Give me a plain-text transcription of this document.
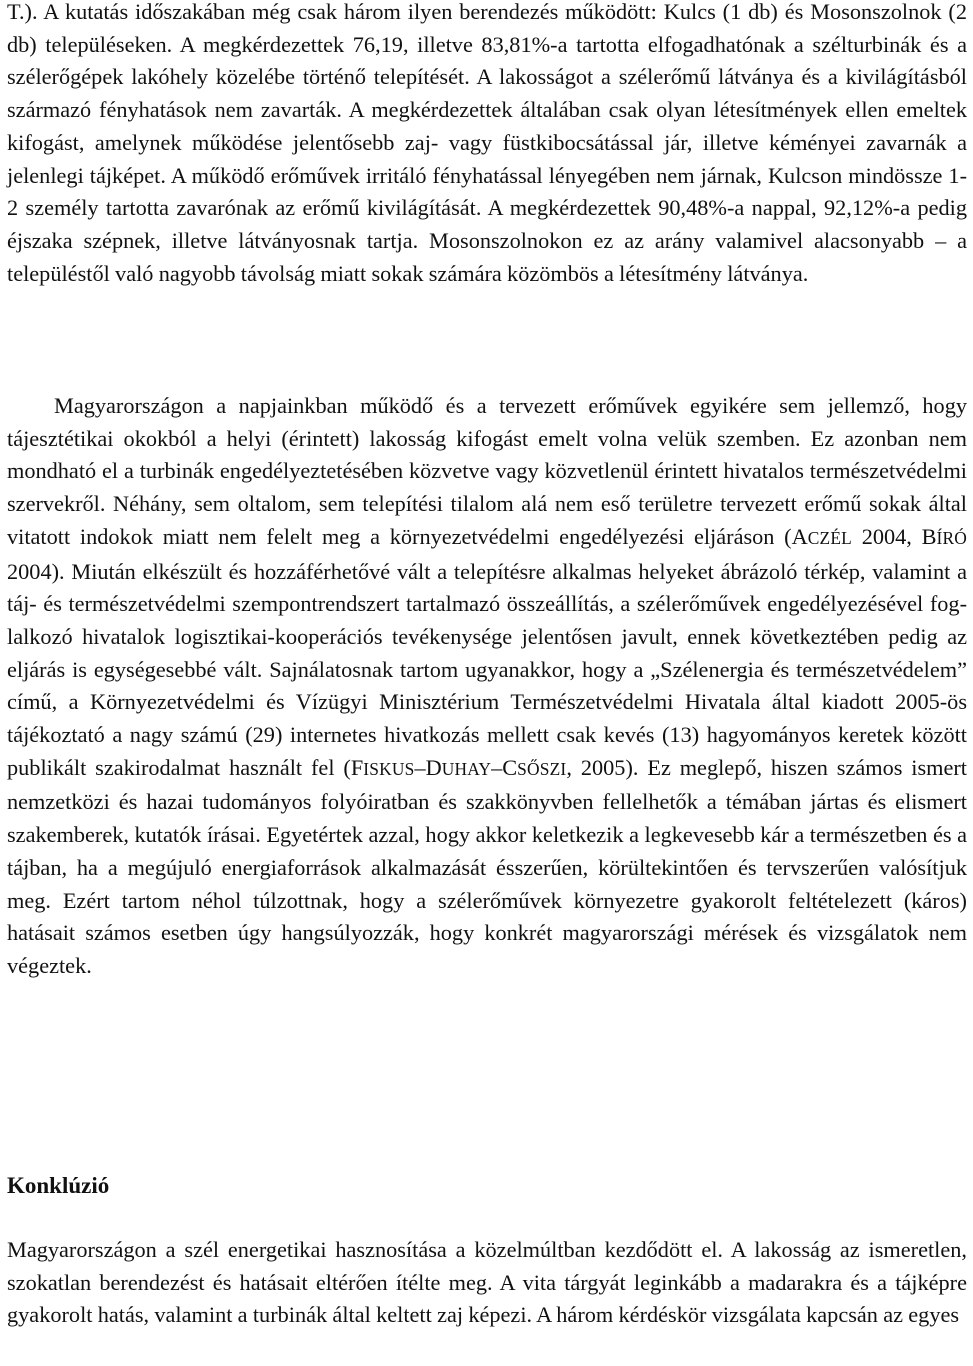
T.). A kutatás időszakában még csak három ilyen berendezés működött: Kulcs (1 db) és Mosonszolnok (2 db) településeken. A megkérdezettek 76,19, illetve 83,81%-a tartotta elfogadhatónak a szélturbinák és a szélerőgépek lakóhely közelébe történő telepítését. A lakosságot a szélerőmű látványa és a kivilágításból származó fényhatások nem zavarták. A megkérdezettek általában csak olyan létesítmények ellen emeltek kifogást, amelynek működése jelentősebb zaj- vagy füstkibocsátással jár, illetve kéményei zavarnák a jelenlegi tájképet. A működő erőművek irritáló fényhatással lényegében nem járnak, Kulcson mindössze 1-2 személy tartotta zavarónak az erőmű kivilágítását. A megkérdezettek 90,48%-a nappal, 92,12%-a pedig éjszaka szépnek, illetve látványosnak tartja. Mosonszolnokon ez az arány valamivel alacsonyabb – a településtől való nagyobb távolság miatt sokak számára közömbös a létesítmény látványa.

Magyarországon a napjainkban működő és a tervezett erőművek egyikére sem jellemző, hogy tájesztétikai okokból a helyi (érintett) lakosság kifogást emelt volna velük szemben. Ez azonban nem mondható el a turbinák engedélyeztetésében közvetve vagy közvetlenül érintett hivatalos természetvédelmi szervekről. Néhány, sem oltalom, sem telepítési tilalom alá nem eső területre tervezett erőmű sokak által vitatott indokok miatt nem felelt meg a környezetvédelmi engedélyezési eljáráson (ACZÉL 2004, BÍRÓ 2004). Miután elkészült és hozzáférhetővé vált a telepítésre alkalmas helyeket ábrázoló térkép, valamint a táj- és természetvédelmi szempontrendszert tartalmazó összeállítás, a szélerőművek engedélyezésével foglalkozó hivatalok logisztikai-kooperációs tevékenysége jelentősen javult, ennek következtében pedig az eljárás is egységesebbé vált. Sajnálatosnak tartom ugyanakkor, hogy a „Szélenergia és természetvédelem” című, a Környezetvédelmi és Vízügyi Minisztérium Természetvédelmi Hivatala által kiadott 2005-ös tájékoztató a nagy számú (29) internetes hivatkozás mellett csak kevés (13) hagyományos keretek között publikált szakirodalmat használt fel (FISKUS–DUHAY–CSŐSZI, 2005). Ez meglepő, hiszen számos ismert nemzetközi és hazai tudományos folyóiratban és szakkönyvben fellelhetők a témában jártas és elismert szakemberek, kutatók írásai. Egyetértek azzal, hogy akkor keletkezik a legkevesebb kár a természetben és a tájban, ha a megújuló energiaforrások alkalmazását ésszerűen, körültekintően és tervszerűen valósítjuk meg. Ezért tartom néhol túlzottnak, hogy a szélerőművek környezetre gyakorolt feltételezett (káros) hatásait számos esetben úgy hangsúlyozzák, hogy konkrét magyarországi mérések és vizsgálatok nem végeztek.

Konklúzió

Magyarországon a szél energetikai hasznosítása a közelmúltban kezdődött el. A lakosság az ismeretlen, szokatlan berendezést és hatásait eltérően ítélte meg. A vita tárgyát leginkább a madarakra és a tájképre gyakorolt hatás, valamint a turbinák által keltett zaj képezi. A három kérdéskör vizsgálata kapcsán az egyes
